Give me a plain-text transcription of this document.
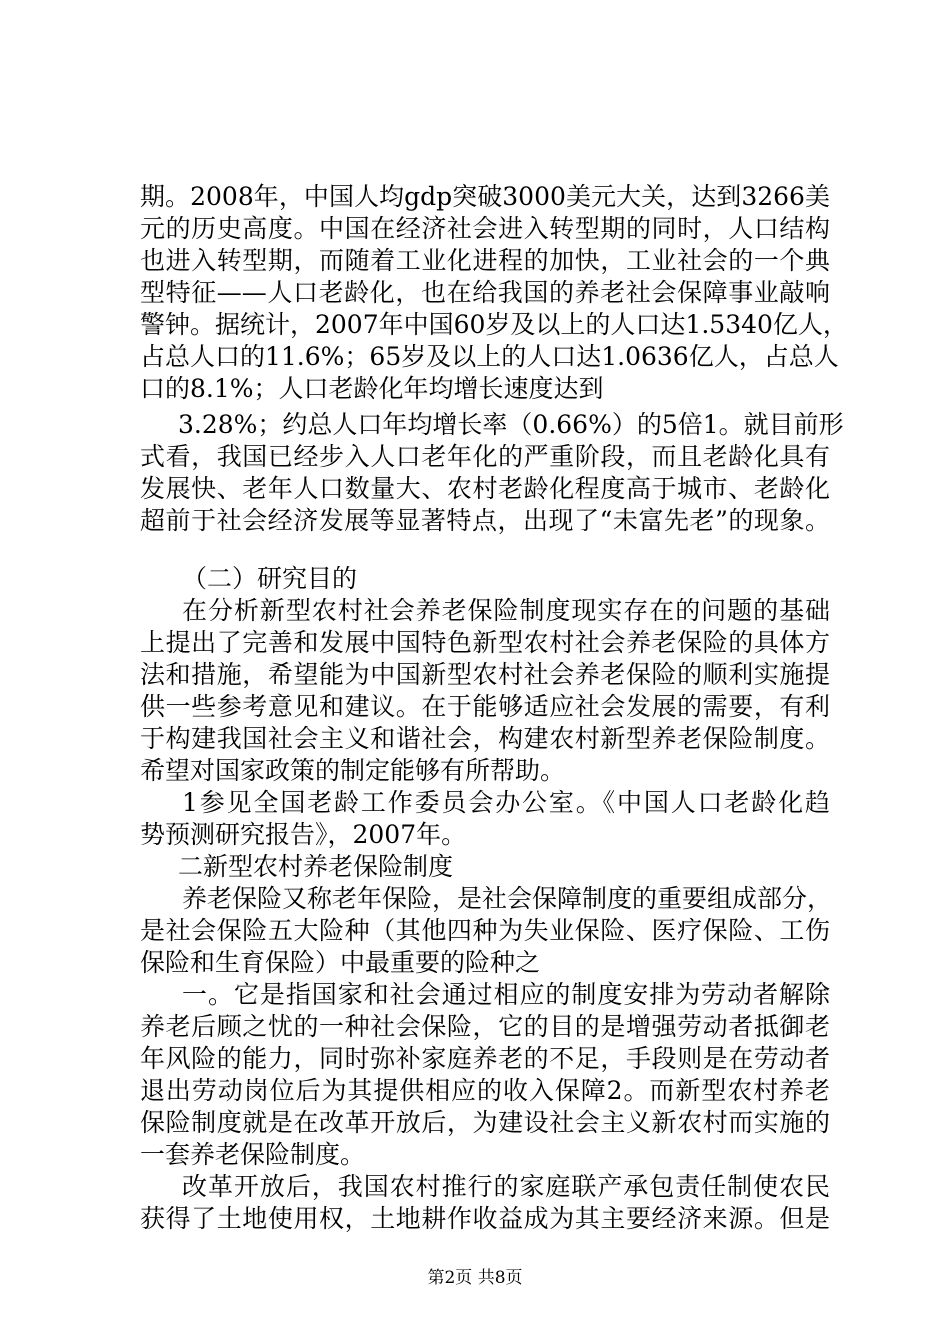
期。2008年，中国人均gdp突破3000美元大关，达到3266美
元的历史高度。中国在经济社会进入转型期的同时，人口结构
也进入转型期，而随着工业化进程的加快，工业社会的一个典
型特征——人口老龄化，也在给我国的养老社会保障事业敲响
警钟。据统计，2007年中国60岁及以上的人口达1.5340亿人，
占总人口的11.6%；65岁及以上的人口达1.0636亿人，占总人
口的8.1%；人口老龄化年均增长速度达到
3.28%；约总人口年均增长率（0.66%）的5倍1。就目前形
式看，我国已经步入人口老年化的严重阶段，而且老龄化具有
发展快、老年人口数量大、农村老龄化程度高于城市、老龄化
超前于社会经济发展等显著特点，出现了“未富先老”的现象。
（二）研究目的
在分析新型农村社会养老保险制度现实存在的问题的基础
上提出了完善和发展中国特色新型农村社会养老保险的具体方
法和措施，希望能为中国新型农村社会养老保险的顺利实施提
供一些参考意见和建议。在于能够适应社会发展的需要，有利
于构建我国社会主义和谐社会，构建农村新型养老保险制度。
希望对国家政策的制定能够有所帮助。
1参见全国老龄工作委员会办公室。《中国人口老龄化趋
势预测研究报告》，2007年。
二新型农村养老保险制度
养老保险又称老年保险，是社会保障制度的重要组成部分，
是社会保险五大险种（其他四种为失业保险、医疗保险、工伤
保险和生育保险）中最重要的险种之
一。它是指国家和社会通过相应的制度安排为劳动者解除
养老后顾之忧的一种社会保险，它的目的是增强劳动者抵御老
年风险的能力，同时弥补家庭养老的不足，手段则是在劳动者
退出劳动岗位后为其提供相应的收入保障2。而新型农村养老
保险制度就是在改革开放后，为建设社会主义新农村而实施的
一套养老保险制度。
改革开放后，我国农村推行的家庭联产承包责任制使农民
获得了土地使用权，土地耕作收益成为其主要经济来源。但是
第2页 共8页
